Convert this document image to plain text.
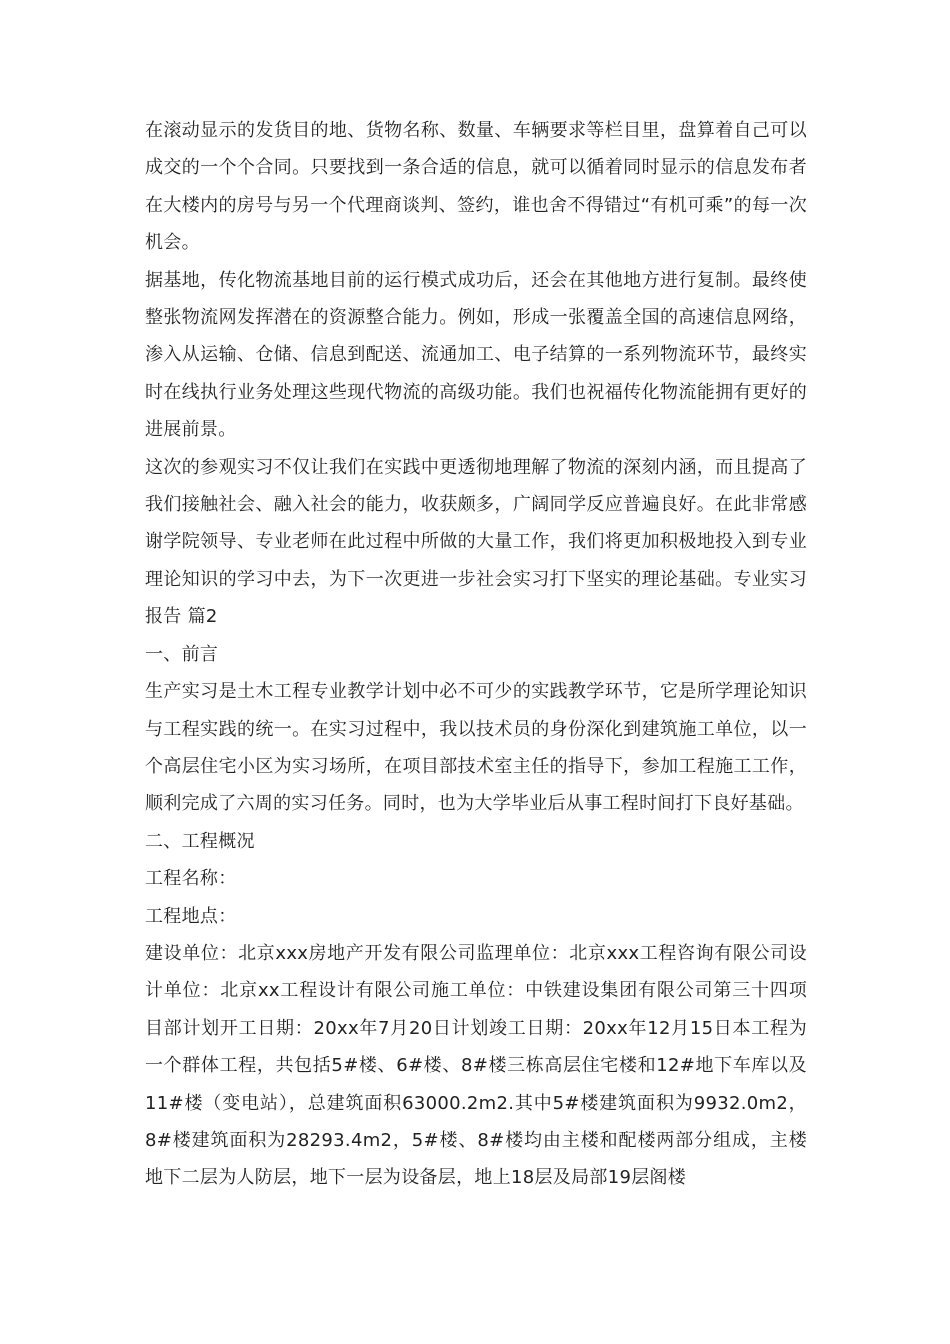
在滚动显示的发货目的地、货物名称、数量、车辆要求等栏目里，盘算着自己可以成交的一个个合同。只要找到一条合适的信息，就可以循着同时显示的信息发布者在大楼内的房号与另一个代理商谈判、签约，谁也舍不得错过“有机可乘”的每一次机会。

据基地，传化物流基地目前的运行模式成功后，还会在其他地方进行复制。最终使整张物流网发挥潜在的资源整合能力。例如，形成一张覆盖全国的高速信息网络，渗入从运输、仓储、信息到配送、流通加工、电子结算的一系列物流环节，最终实时在线执行业务处理这些现代物流的高级功能。我们也祝福传化物流能拥有更好的进展前景。

这次的参观实习不仅让我们在实践中更透彻地理解了物流的深刻内涵，而且提高了我们接触社会、融入社会的能力，收获颇多，广阔同学反应普遍良好。在此非常感谢学院领导、专业老师在此过程中所做的大量工作，我们将更加积极地投入到专业理论知识的学习中去，为下一次更进一步社会实习打下坚实的理论基础。专业实习报告 篇2

一、前言

生产实习是土木工程专业教学计划中必不可少的实践教学环节，它是所学理论知识与工程实践的统一。在实习过程中，我以技术员的身份深化到建筑施工单位，以一个高层住宅小区为实习场所，在项目部技术室主任的指导下，参加工程施工工作，顺利完成了六周的实习任务。同时，也为大学毕业后从事工程时间打下良好基础。

二、工程概况

工程名称：

工程地点：

建设单位：北京xxx房地产开发有限公司监理单位：北京xxx工程咨询有限公司设计单位：北京xx工程设计有限公司施工单位：中铁建设集团有限公司第三十四项目部计划开工日期：20xx年7月20日计划竣工日期：20xx年12月15日本工程为一个群体工程，共包括5#楼、6#楼、8#楼三栋高层住宅楼和12#地下车库以及11#楼（变电站），总建筑面积63000.2m2.其中5#楼建筑面积为9932.0m2，8#楼建筑面积为28293.4m2，5#楼、8#楼均由主楼和配楼两部分组成，主楼地下二层为人防层，地下一层为设备层，地上18层及局部19层阁楼
